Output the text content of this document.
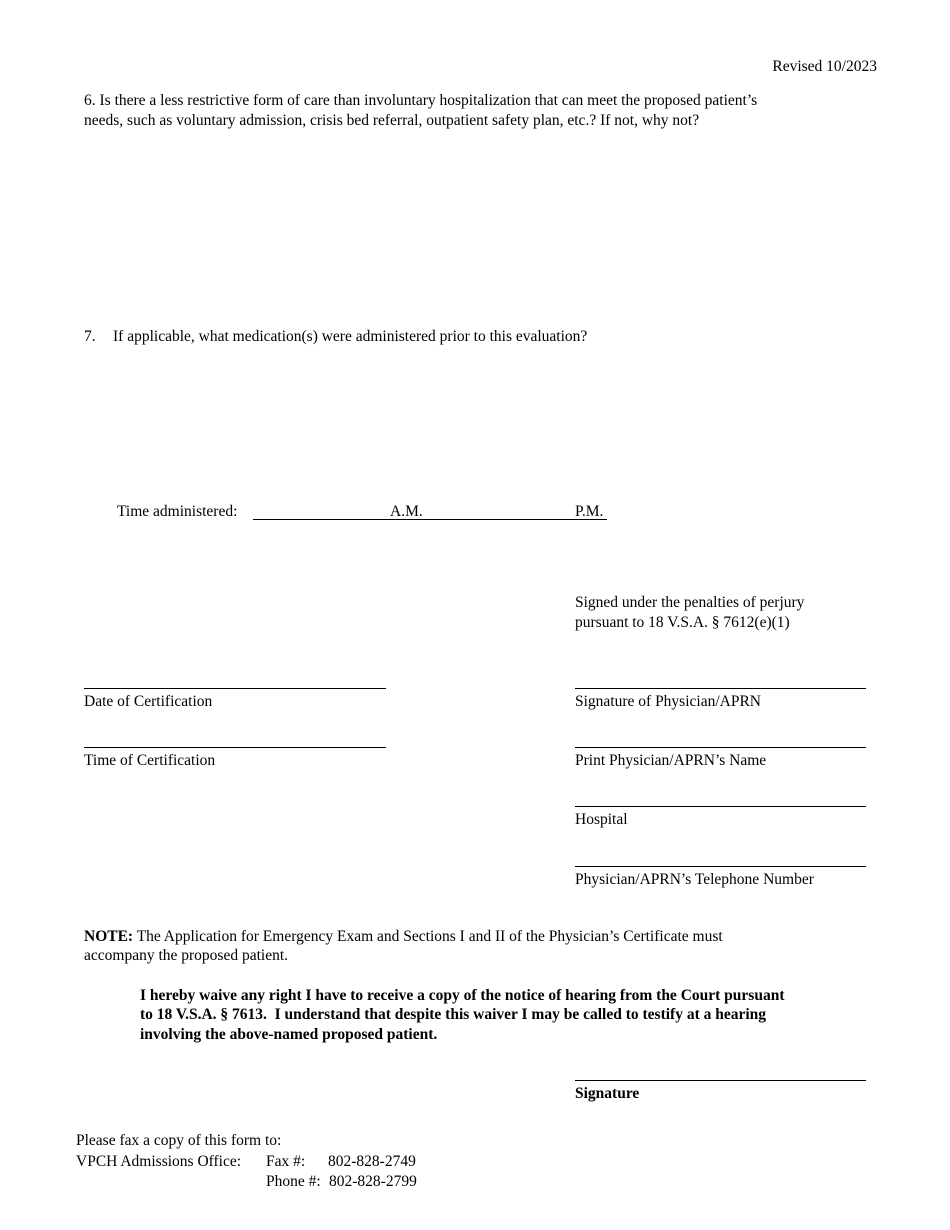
Revised 10/2023
6. Is there a less restrictive form of care than involuntary hospitalization that can meet the proposed patient’s
needs, such as voluntary admission, crisis bed referral, outpatient safety plan, etc.? If not, why not?
7. If applicable, what medication(s) were administered prior to this evaluation?
Time administered:	A.M.	P.M.
Signed under the penalties of perjury
pursuant to 18 V.S.A. § 7612(e)(1)
Date of Certification
Time of Certification
Signature of Physician/APRN
Print Physician/APRN’s Name
Hospital
Physician/APRN’s Telephone Number
NOTE: The Application for Emergency Exam and Sections I and II of the Physician’s Certificate must
accompany the proposed patient.
I hereby waive any right I have to receive a copy of the notice of hearing from the Court pursuant
to 18 V.S.A. § 7613.  I understand that despite this waiver I may be called to testify at a hearing
involving the above-named proposed patient.
Signature
Please fax a copy of this form to:
VPCH Admissions Office: Fax #: 802-828-2749
Phone #: 802-828-2799
